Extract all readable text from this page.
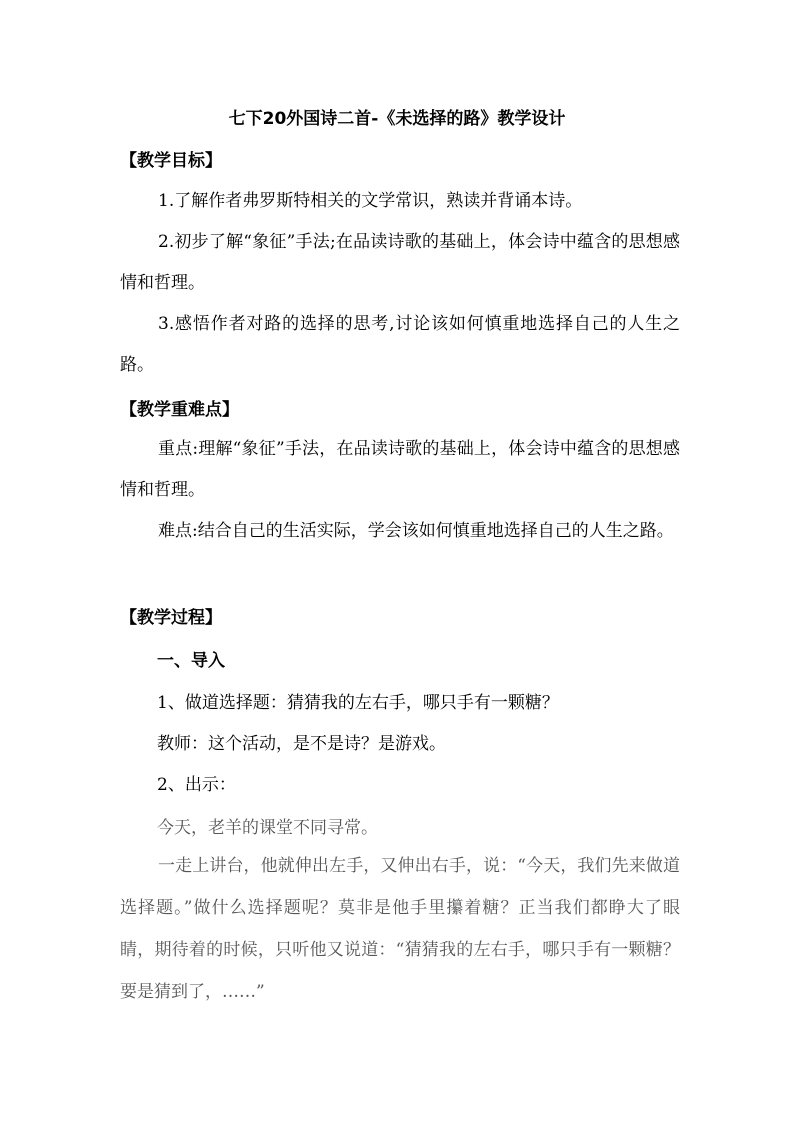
七下20外国诗二首-《未选择的路》教学设计
【教学目标】
1.了解作者弗罗斯特相关的文学常识，熟读并背诵本诗。
2.初步了解“象征”手法;在品读诗歌的基础上，体会诗中蕴含的思想感情和哲理。
3.感悟作者对路的选择的思考,讨论该如何慎重地选择自己的人生之路。
【教学重难点】
重点:理解“象征”手法，在品读诗歌的基础上，体会诗中蕴含的思想感情和哲理。
难点:结合自己的生活实际，学会该如何慎重地选择自己的人生之路。
【教学过程】
一、导入
1、做道选择题：猜猜我的左右手，哪只手有一颗糖？
教师：这个活动，是不是诗？是游戏。
2、出示：
今天，老羊的课堂不同寻常。
一走上讲台，他就伸出左手，又伸出右手，说：“今天，我们先来做道选择题。”做什么选择题呢？莫非是他手里攥着糖？正当我们都睁大了眼睛，期待着的时候，只听他又说道：“猜猜我的左右手，哪只手有一颗糖？要是猜到了，……”
